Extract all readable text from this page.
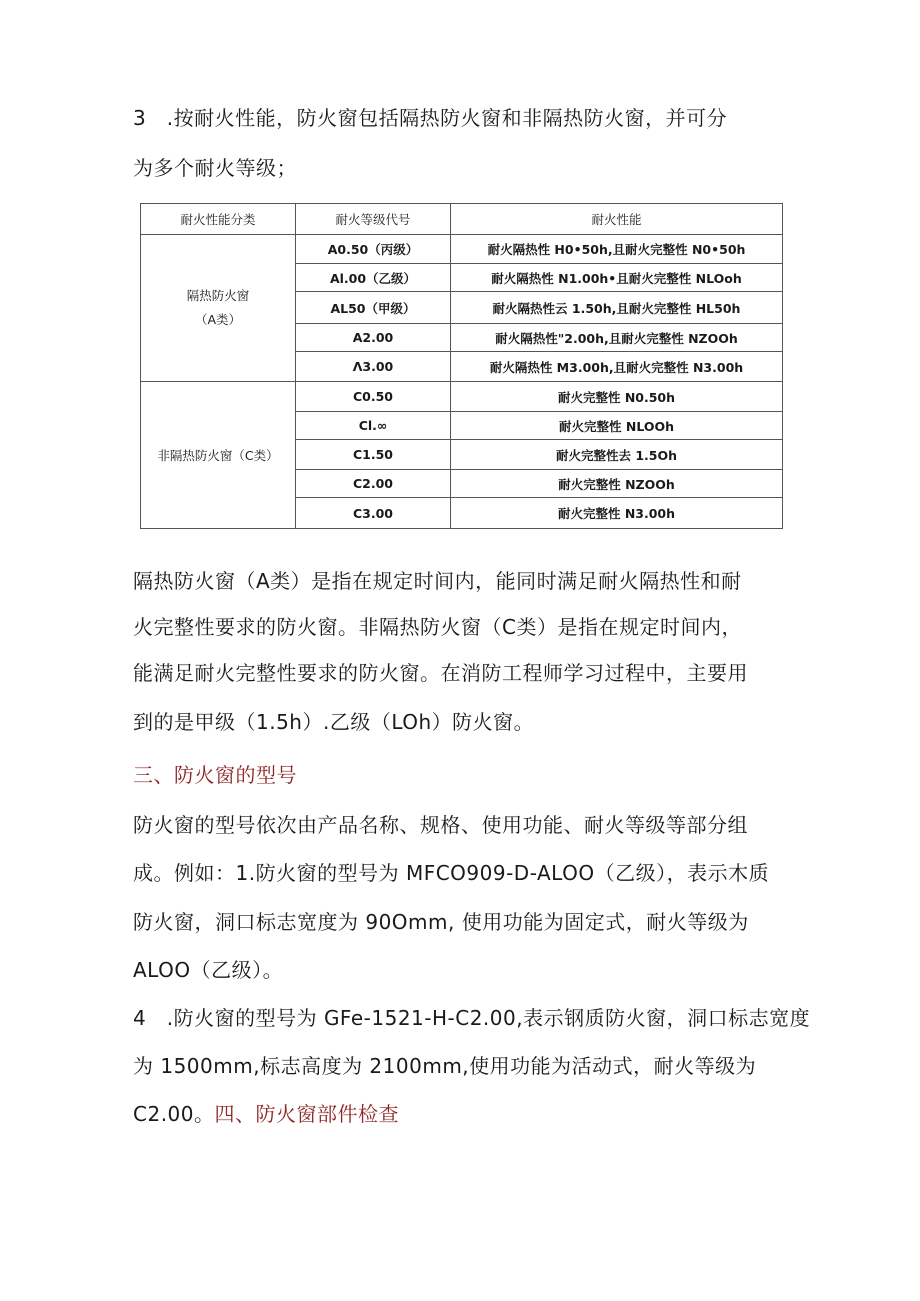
3　.按耐火性能，防火窗包括隔热防火窗和非隔热防火窗，并可分
为多个耐火等级；
耐火性能分类	耐火等级代号	耐火性能

隔热防火窗
（A类）	A0.50（丙级）	耐火隔热性 H0•50h,且耐火完整性 N0•50h
	Al.00（乙级）	耐火隔热性 N1.00h•且耐火完整性 NLOoh
	AL50（甲级）	耐火隔热性云 1.50h,且耐火完整性 HL50h
	A2.00	耐火隔热性"2.00h,且耐火完整性 NZOOh
	Λ3.00	耐火隔热性 M3.00h,且耐火完整性 N3.00h
非隔热防火窗（C类）	C0.50	耐火完整性 N0.50h
	Cl.∞	耐火完整性 NLOOh
	C1.50	耐火完整性去 1.5Oh
	C2.00	耐火完整性 NZOOh
	C3.00	耐火完整性 N3.00h
隔热防火窗（A类）是指在规定时间内，能同时满足耐火隔热性和耐
火完整性要求的防火窗。非隔热防火窗（C类）是指在规定时间内，
能满足耐火完整性要求的防火窗。在消防工程师学习过程中，主要用
到的是甲级（1.5h）.乙级（LOh）防火窗。
三、防火窗的型号
防火窗的型号依次由产品名称、规格、使用功能、耐火等级等部分组
成。例如：1.防火窗的型号为 MFCO909-D-ALOO（乙级），表示木质
防火窗，洞口标志宽度为 90Omm, 使用功能为固定式，耐火等级为
ALOO（乙级）。
4　.防火窗的型号为 GFe-1521-H-C2.00,表示钢质防火窗，洞口标志宽度
为 1500mm,标志高度为 2100mm,使用功能为活动式，耐火等级为
C2.00。四、防火窗部件检查
